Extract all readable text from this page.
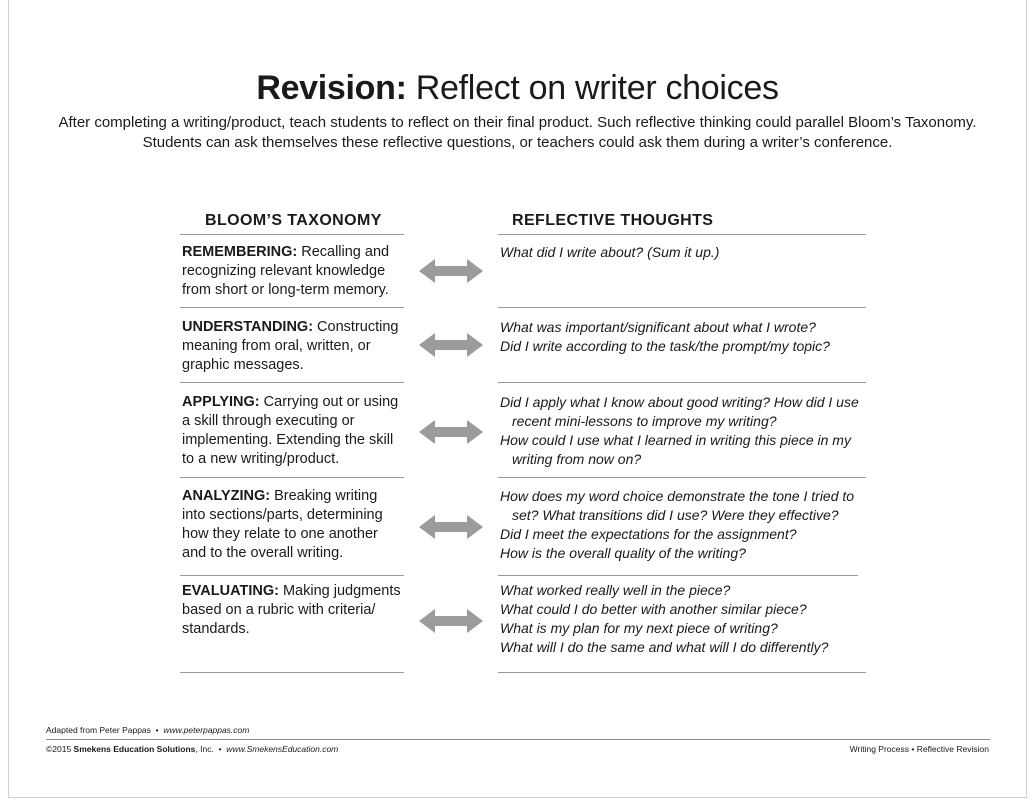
Revision: Reflect on writer choices
After completing a writing/product, teach students to reflect on their final product. Such reflective thinking could parallel Bloom’s Taxonomy.
Students can ask themselves these reflective questions, or teachers could ask them during a writer’s conference.
BLOOM’S TAXONOMY	REFLECTIVE THOUGHTS
REMEMBERING: Recalling and recognizing relevant knowledge from short or long-term memory.
What did I write about? (Sum it up.)
UNDERSTANDING: Constructing meaning from oral, written, or graphic messages.
What was important/significant about what I wrote?
Did I write according to the task/the prompt/my topic?
APPLYING: Carrying out or using a skill through executing or implementing. Extending the skill to a new writing/product.
Did I apply what I know about good writing? How did I use recent mini-lessons to improve my writing?
How could I use what I learned in writing this piece in my writing from now on?
ANALYZING: Breaking writing into sections/parts, determining how they relate to one another and to the overall writing.
How does my word choice demonstrate the tone I tried to set? What transitions did I use? Were they effective?
Did I meet the expectations for the assignment?
How is the overall quality of the writing?
EVALUATING: Making judgments based on a rubric with criteria/ standards.
What worked really well in the piece?
What could I do better with another similar piece?
What is my plan for my next piece of writing?
What will I do the same and what will I do differently?
Adapted from Peter Pappas • www.peterpappas.com
©2015 Smekens Education Solutions, Inc. • www.SmekensEducation.com	Writing Process • Reflective Revision
